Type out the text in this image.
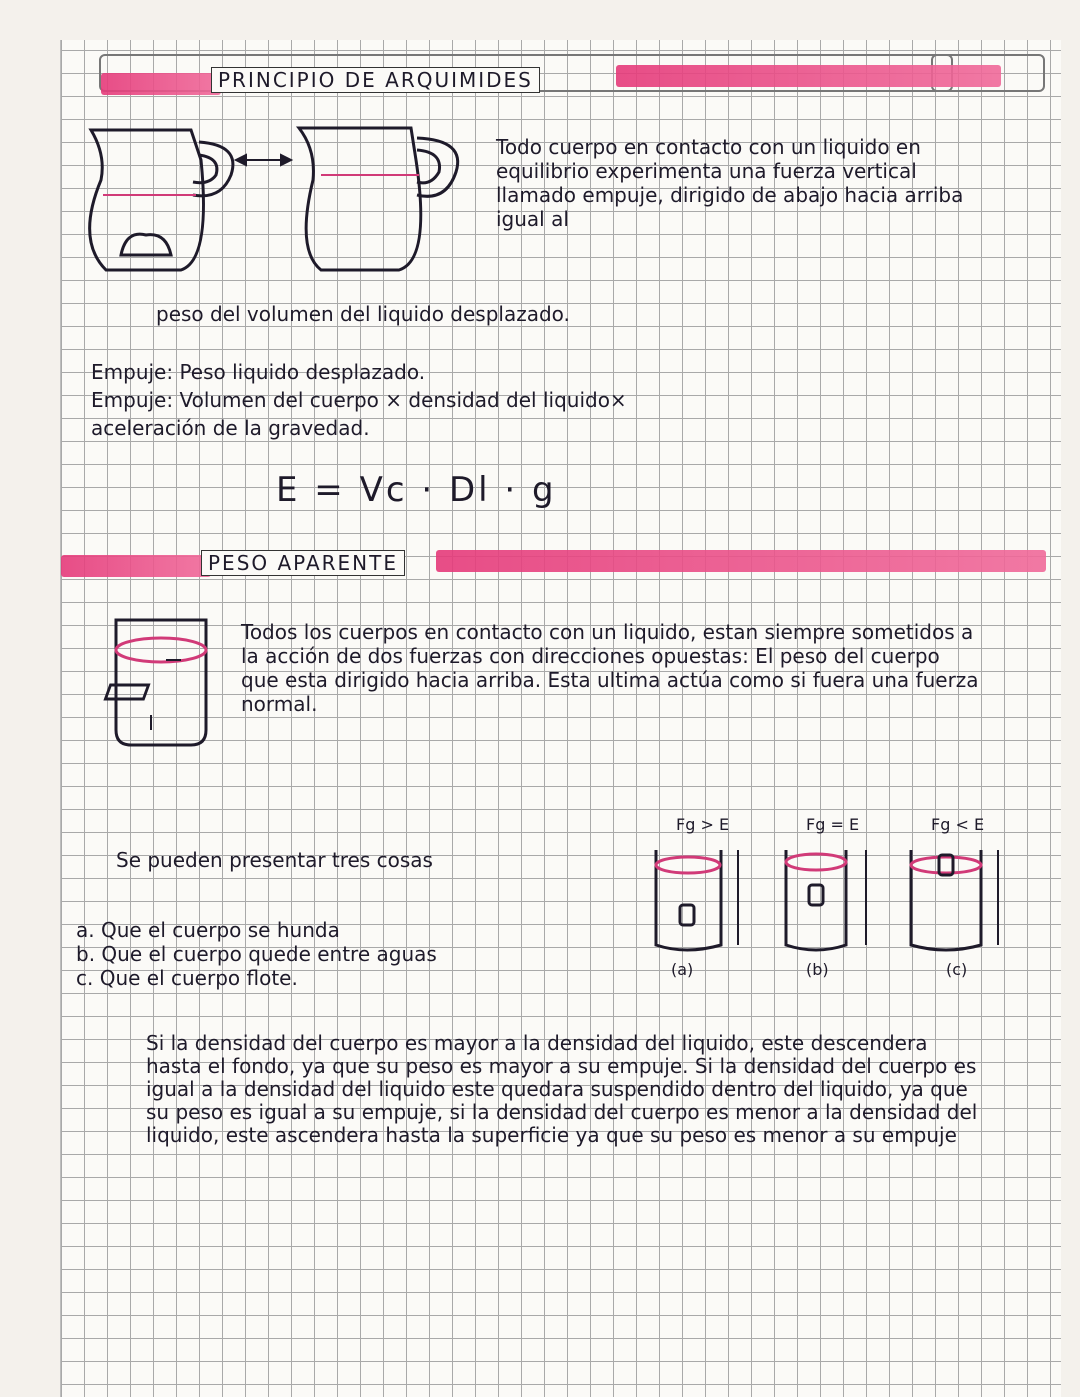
PRINCIPIO DE ARQUIMIDES
Todo cuerpo en contacto con un liquido en equilibrio experimenta una fuerza vertical llamado empuje, dirigido de abajo hacia arriba igual al
peso del volumen del liquido desplazado.
Empuje: Peso liquido desplazado.
Empuje: Volumen del cuerpo × densidad del liquido×
aceleración de la gravedad.
E = Vc · Dl · g
PESO APARENTE
Todos los cuerpos en contacto con un liquido, estan siempre sometidos a la acción de dos fuerzas con direcciones opuestas: El peso del cuerpo que esta dirigido hacia arriba. Esta ultima actúa como si fuera una fuerza normal.
Se pueden presentar tres cosas
a. Que el cuerpo se hunda
b. Que el cuerpo quede entre aguas
c. Que el cuerpo flote.
Fg > E	Fg = E	Fg < E
(a)	(b)	(c)
Si la densidad del cuerpo es mayor a la densidad del liquido, este descendera hasta el fondo, ya que su peso es mayor a su empuje. Si la densidad del cuerpo es igual a la densidad del liquido este quedara suspendido dentro del liquido, ya que su peso es igual a su empuje, si la densidad del cuerpo es menor a la densidad del liquido, este ascendera hasta la superficie ya que su peso es menor a su empuje
